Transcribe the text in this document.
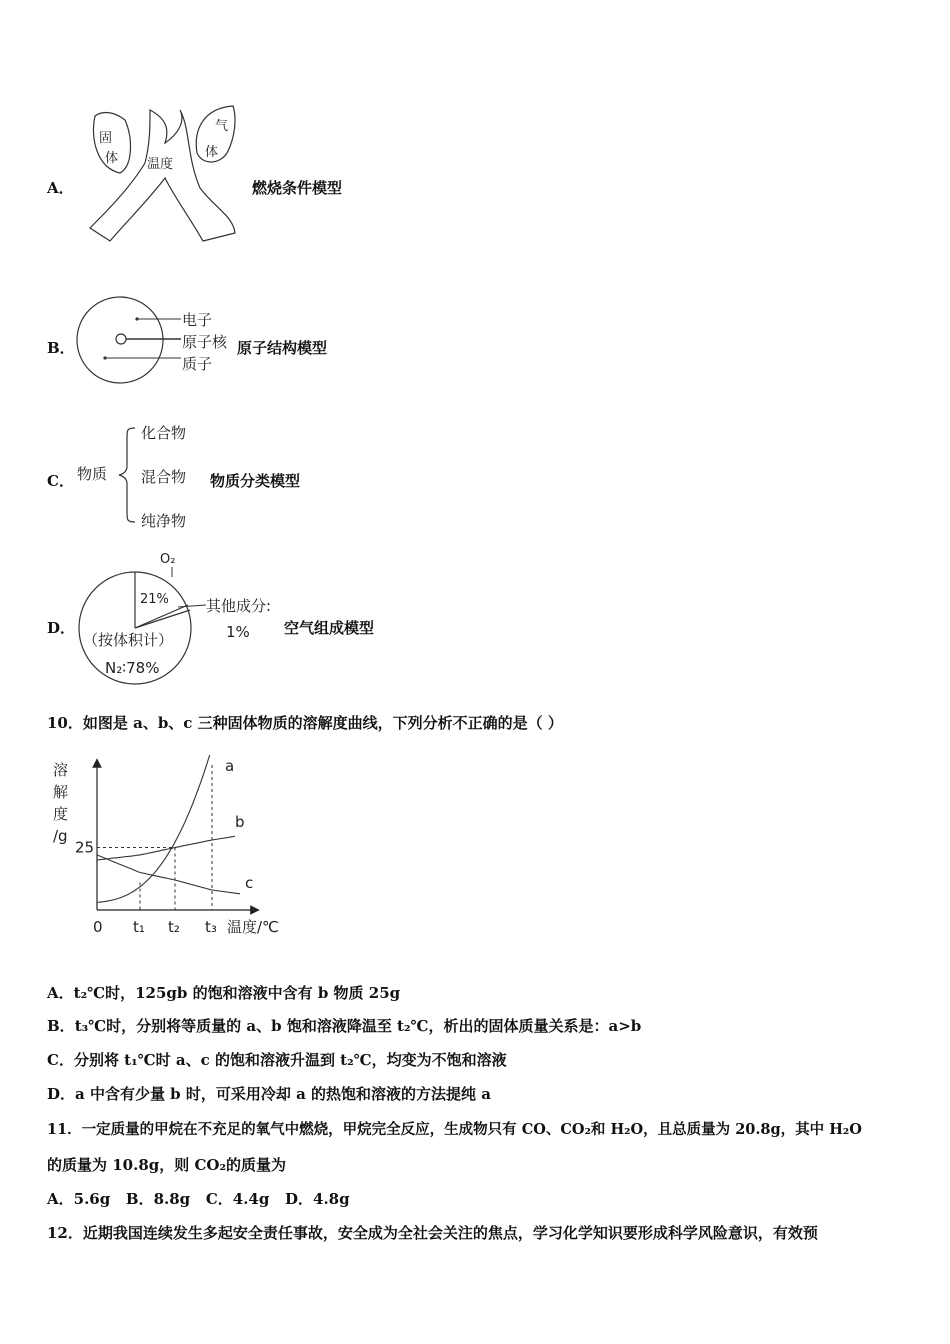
A．
固
体
气
体
温度
燃烧条件模型
B．
电子
原子核
质子
原子结构模型
C． 物质
化合物
混合物
纯净物
物质分类模型
D．
O₂
21% 其他成分:
1%
（按体积计）
N₂∶78%
空气组成模型
10．如图是 a、b、c 三种固体物质的溶解度曲线，下列分析不正确的是（ ）
溶
解
度
/g
a
b
c
25
0 t₁ t₂ t₃ 温度/℃
A．t₂℃时，125gb 的饱和溶液中含有 b 物质 25g
B．t₃℃时，分别将等质量的 a、b 饱和溶液降温至 t₂℃，析出的固体质量关系是：a>b
C．分别将 t₁℃时 a、c 的饱和溶液升温到 t₂℃，均变为不饱和溶液
D．a 中含有少量 b 时，可采用冷却 a 的热饱和溶液的方法提纯 a
11．一定质量的甲烷在不充足的氧气中燃烧，甲烷完全反应，生成物只有 CO、CO₂和 H₂O，且总质量为 20.8g，其中 H₂O
的质量为 10.8g，则 CO₂的质量为
A．5.6g   B．8.8g   C．4.4g   D．4.8g
12．近期我国连续发生多起安全责任事故，安全成为全社会关注的焦点，学习化学知识要形成科学风险意识，有效预
